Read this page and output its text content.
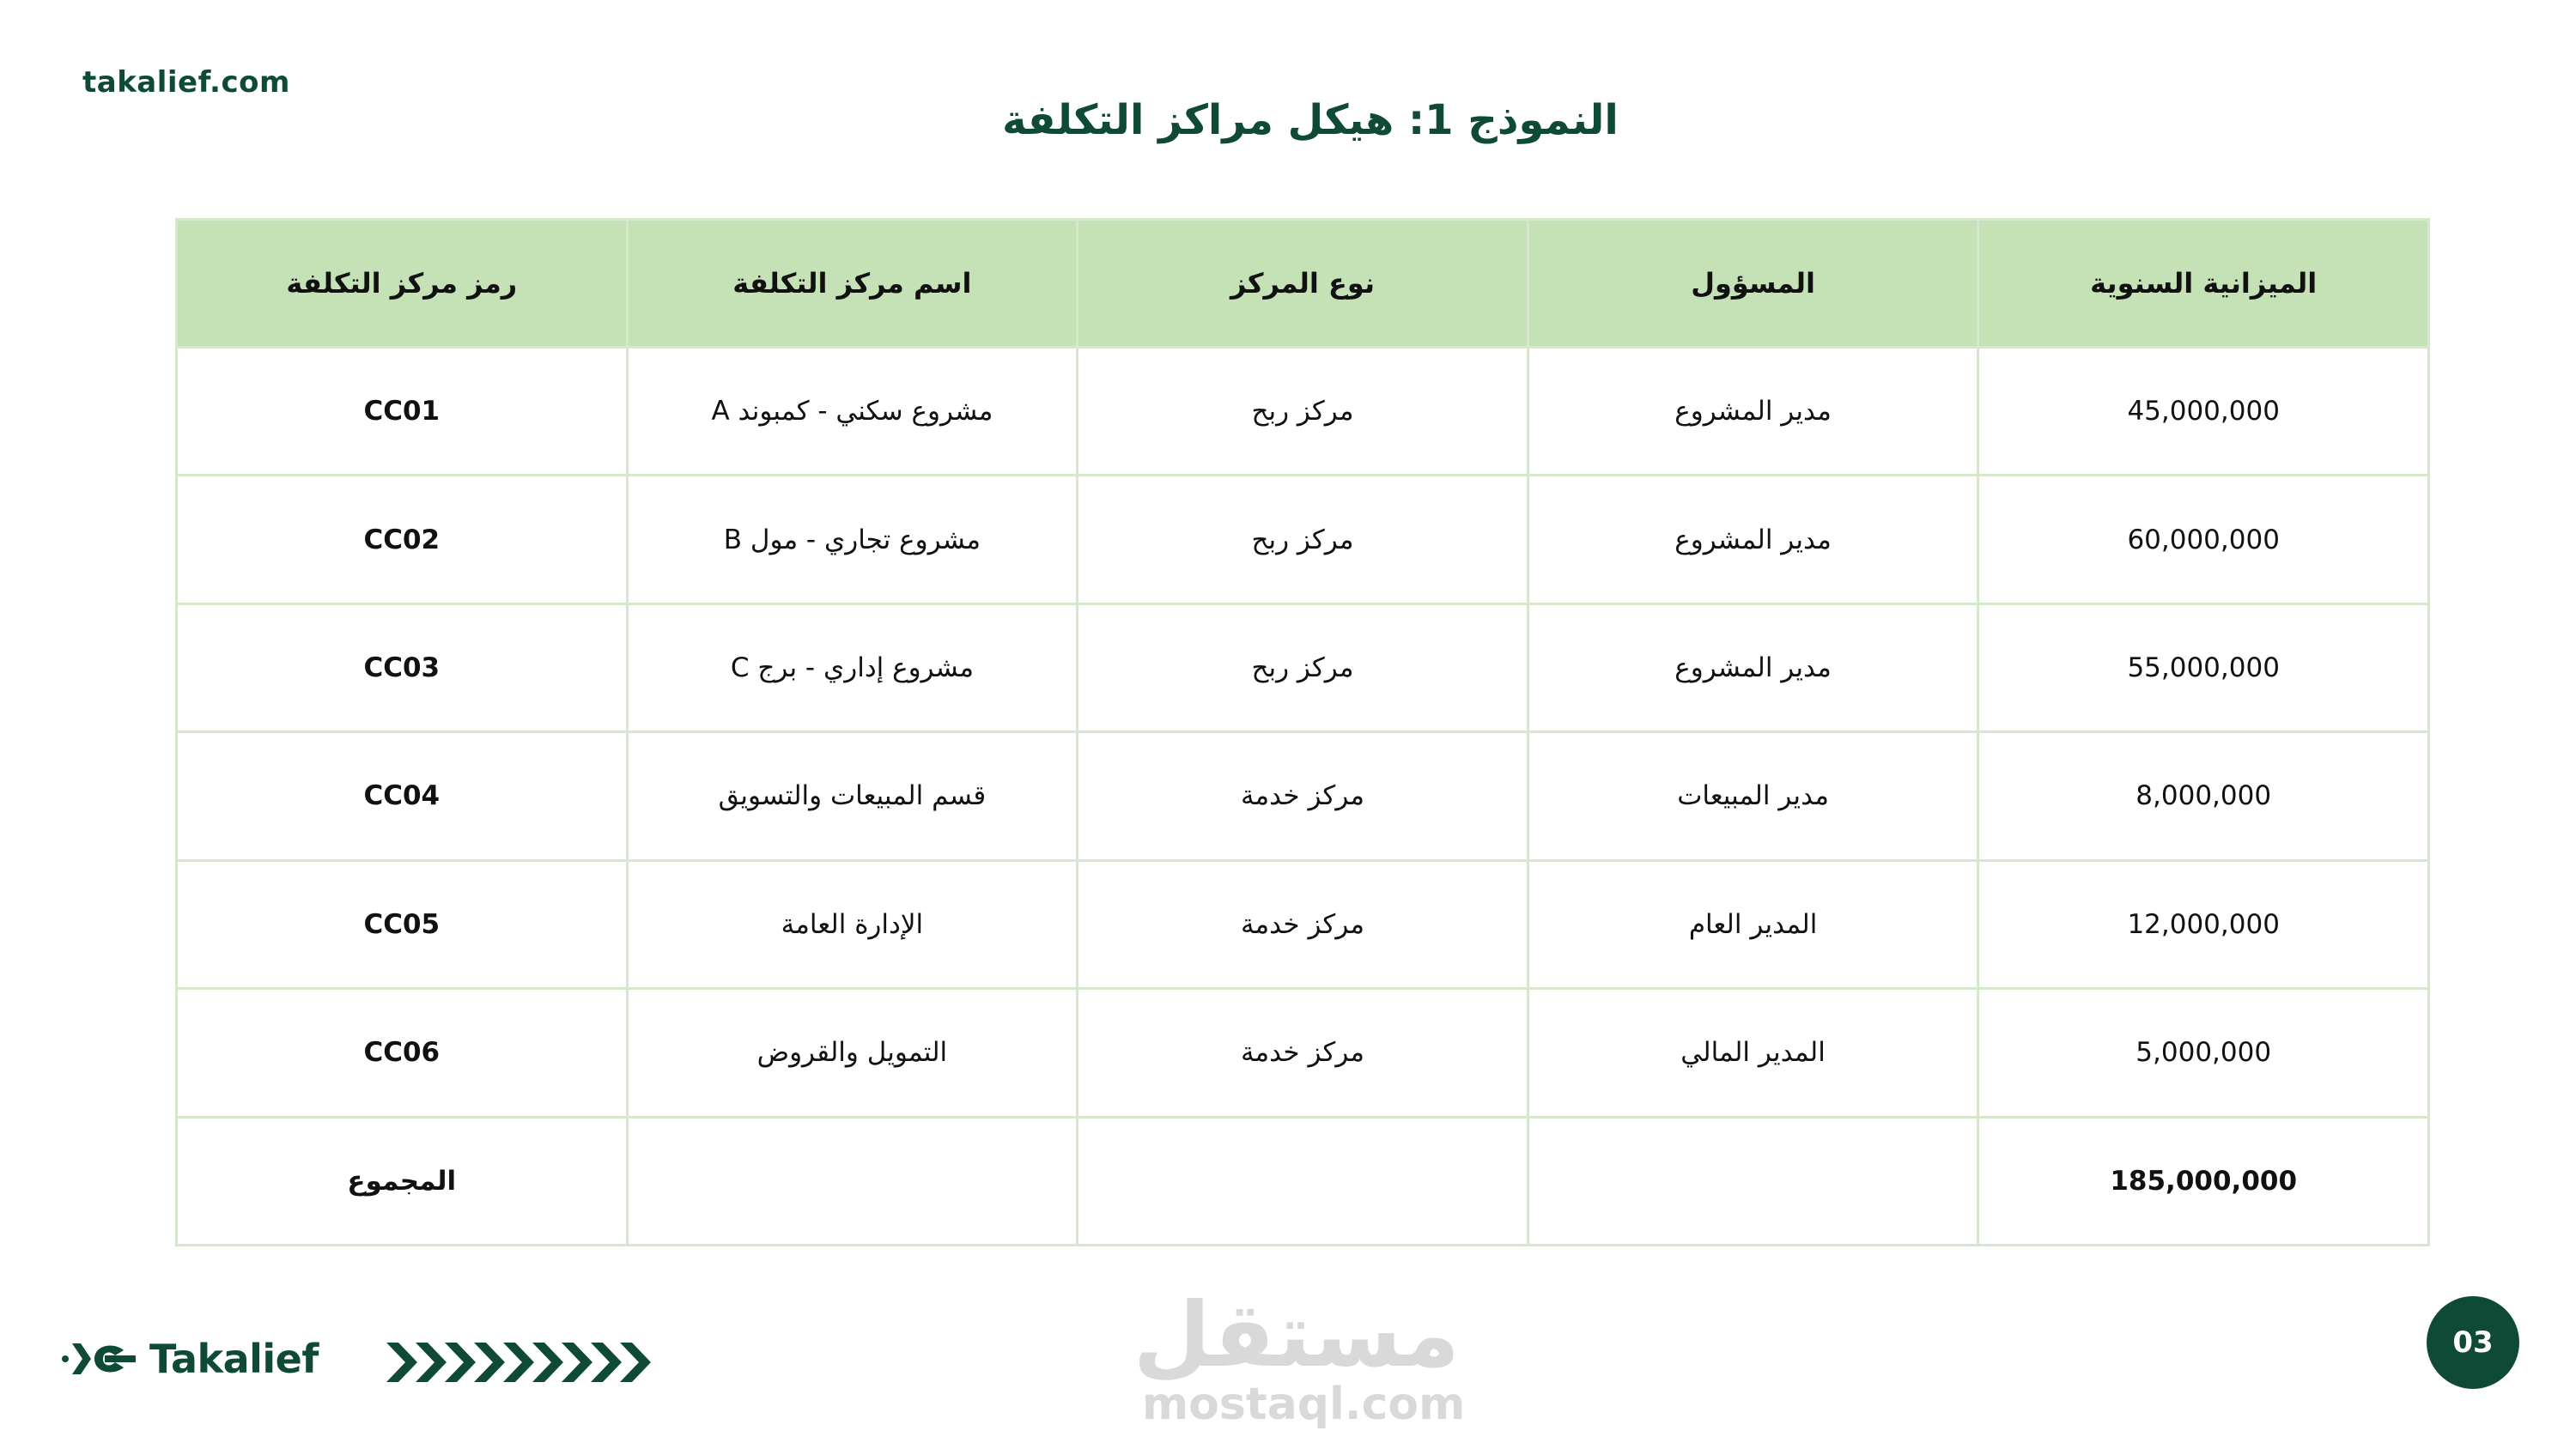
takalief.com
النموذج 1: هيكل مراكز التكلفة
رمز مركز التكلفة	اسم مركز التكلفة	نوع المركز	المسؤول	الميزانية السنوية
CC01	مشروع سكني - كمبوند A	مركز ربح	مدير المشروع	45,000,000
CC02	مشروع تجاري - مول B	مركز ربح	مدير المشروع	60,000,000
CC03	مشروع إداري - برج C	مركز ربح	مدير المشروع	55,000,000
CC04	قسم المبيعات والتسويق	مركز خدمة	مدير المبيعات	8,000,000
CC05	الإدارة العامة	مركز خدمة	المدير العام	12,000,000
CC06	التمويل والقروض	مركز خدمة	المدير المالي	5,000,000
المجموع				185,000,000
Takalief	مستقل
mostaql.com
03
